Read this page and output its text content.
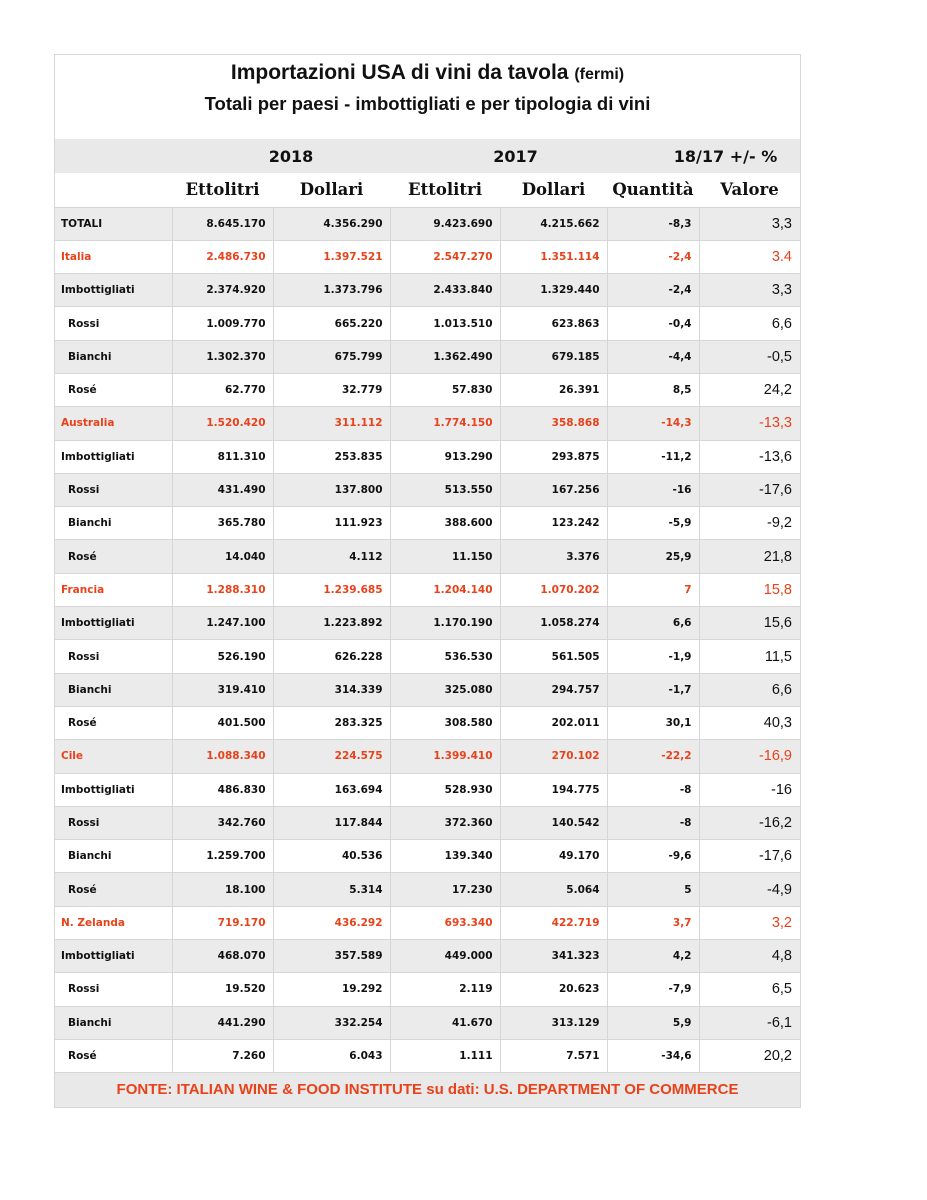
Importazioni USA di vini da tavola (fermi)
Totali per paesi - imbottigliati e per tipologia di vini
	2018		2017		18/17 +/- %	
	Ettolitri	Dollari	Ettolitri	Dollari	Quantità	Valore
TOTALI	8.645.170	4.356.290	9.423.690	4.215.662	-8,3	3,3
Italia	2.486.730	1.397.521	2.547.270	1.351.114	-2,4	3.4
Imbottigliati	2.374.920	1.373.796	2.433.840	1.329.440	-2,4	3,3
Rossi	1.009.770	665.220	1.013.510	623.863	-0,4	6,6
Bianchi	1.302.370	675.799	1.362.490	679.185	-4,4	-0,5
Rosé	62.770	32.779	57.830	26.391	8,5	24,2
Australia	1.520.420	311.112	1.774.150	358.868	-14,3	-13,3
Imbottigliati	811.310	253.835	913.290	293.875	-11,2	-13,6
Rossi	431.490	137.800	513.550	167.256	-16	-17,6
Bianchi	365.780	111.923	388.600	123.242	-5,9	-9,2
Rosé	14.040	4.112	11.150	3.376	25,9	21,8
Francia	1.288.310	1.239.685	1.204.140	1.070.202	7	15,8
Imbottigliati	1.247.100	1.223.892	1.170.190	1.058.274	6,6	15,6
Rossi	526.190	626.228	536.530	561.505	-1,9	11,5
Bianchi	319.410	314.339	325.080	294.757	-1,7	6,6
Rosé	401.500	283.325	308.580	202.011	30,1	40,3
Cile	1.088.340	224.575	1.399.410	270.102	-22,2	-16,9
Imbottigliati	486.830	163.694	528.930	194.775	-8	-16
Rossi	342.760	117.844	372.360	140.542	-8	-16,2
Bianchi	1.259.700	40.536	139.340	49.170	-9,6	-17,6
Rosé	18.100	5.314	17.230	5.064	5	-4,9
N. Zelanda	719.170	436.292	693.340	422.719	3,7	3,2
Imbottigliati	468.070	357.589	449.000	341.323	4,2	4,8
Rossi	19.520	19.292	2.119	20.623	-7,9	6,5
Bianchi	441.290	332.254	41.670	313.129	5,9	-6,1
Rosé	7.260	6.043	1.111	7.571	-34,6	20,2
FONTE: ITALIAN WINE & FOOD INSTITUTE su dati: U.S. DEPARTMENT OF COMMERCE
